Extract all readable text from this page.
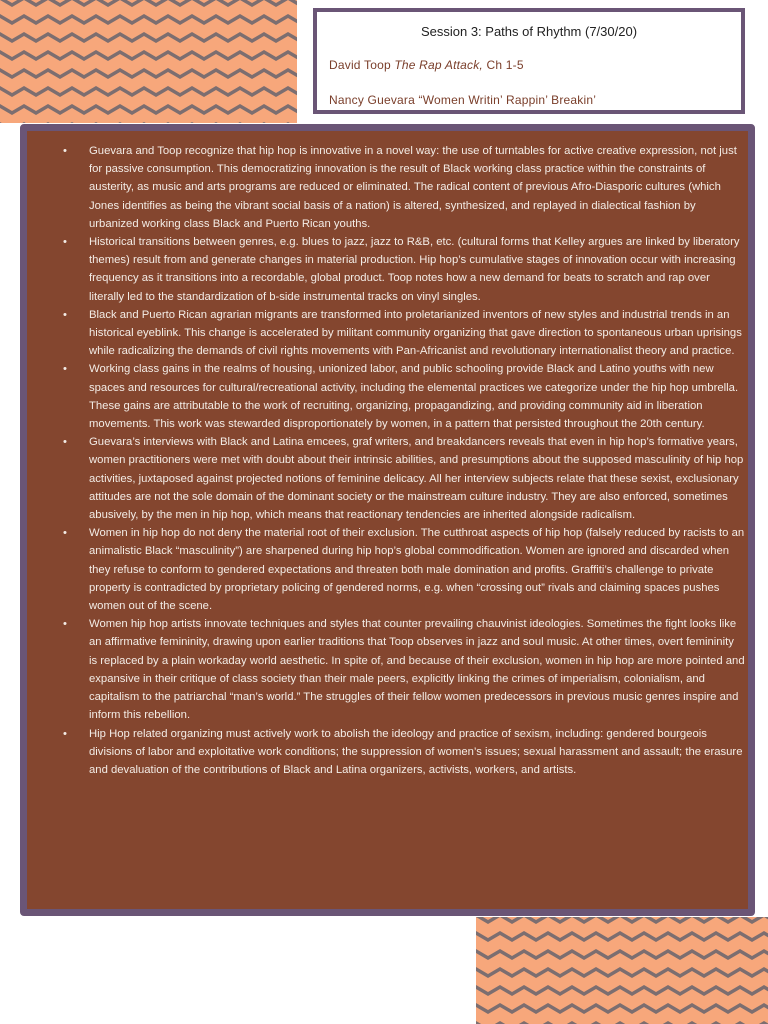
Session 3: Paths of Rhythm (7/30/20)
David Toop The Rap Attack, Ch 1-5
Nancy Guevara “Women Writin’ Rappin’ Breakin’
• Guevara and Toop recognize that hip hop is innovative in a novel way: the use of turntables for active creative expression, not just for passive consumption. This democratizing innovation is the result of Black working class practice within the constraints of austerity, as music and arts programs are reduced or eliminated. The radical content of previous Afro-Diasporic cultures (which Jones identifies as being the vibrant social basis of a nation) is altered, synthesized, and replayed in dialectical fashion by urbanized working class Black and Puerto Rican youths.
• Historical transitions between genres, e.g. blues to jazz, jazz to R&B, etc. (cultural forms that Kelley argues are linked by liberatory themes) result from and generate changes in material production. Hip hop’s cumulative stages of innovation occur with increasing frequency as it transitions into a recordable, global product. Toop notes how a new demand for beats to scratch and rap over literally led to the standardization of b-side instrumental tracks on vinyl singles.
• Black and Puerto Rican agrarian migrants are transformed into proletarianized inventors of new styles and industrial trends in an historical eyeblink. This change is accelerated by militant community organizing that gave direction to spontaneous urban uprisings while radicalizing the demands of civil rights movements with Pan-Africanist and revolutionary internationalist theory and practice.
• Working class gains in the realms of housing, unionized labor, and public schooling provide Black and Latino youths with new spaces and resources for cultural/recreational activity, including the elemental practices we categorize under the hip hop umbrella. These gains are attributable to the work of recruiting, organizing, propagandizing, and providing community aid in liberation movements. This work was stewarded disproportionately by women, in a pattern that persisted throughout the 20th century.
• Guevara’s interviews with Black and Latina emcees, graf writers, and breakdancers reveals that even in hip hop’s formative years, women practitioners were met with doubt about their intrinsic abilities, and presumptions about the supposed masculinity of hip hop activities, juxtaposed against projected notions of feminine delicacy. All her interview subjects relate that these sexist, exclusionary attitudes are not the sole domain of the dominant society or the mainstream culture industry. They are also enforced, sometimes abusively, by the men in hip hop, which means that reactionary tendencies are inherited alongside radicalism.
• Women in hip hop do not deny the material root of their exclusion. The cutthroat aspects of hip hop (falsely reduced by racists to an animalistic Black “masculinity”) are sharpened during hip hop’s global commodification. Women are ignored and discarded when they refuse to conform to gendered expectations and threaten both male domination and profits. Graffiti’s challenge to private property is contradicted by proprietary policing of gendered norms, e.g. when “crossing out” rivals and claiming spaces pushes women out of the scene.
• Women hip hop artists innovate techniques and styles that counter prevailing chauvinist ideologies. Sometimes the fight looks like an affirmative femininity, drawing upon earlier traditions that Toop observes in jazz and soul music. At other times, overt femininity is replaced by a plain workaday world aesthetic. In spite of, and because of their exclusion, women in hip hop are more pointed and expansive in their critique of class society than their male peers, explicitly linking the crimes of imperialism, colonialism, and capitalism to the patriarchal “man’s world.” The struggles of their fellow women predecessors in previous music genres inspire and inform this rebellion.
• Hip Hop related organizing must actively work to abolish the ideology and practice of sexism, including: gendered bourgeois divisions of labor and exploitative work conditions; the suppression of women’s issues; sexual harassment and assault; the erasure and devaluation of the contributions of Black and Latina organizers, activists, workers, and artists.
